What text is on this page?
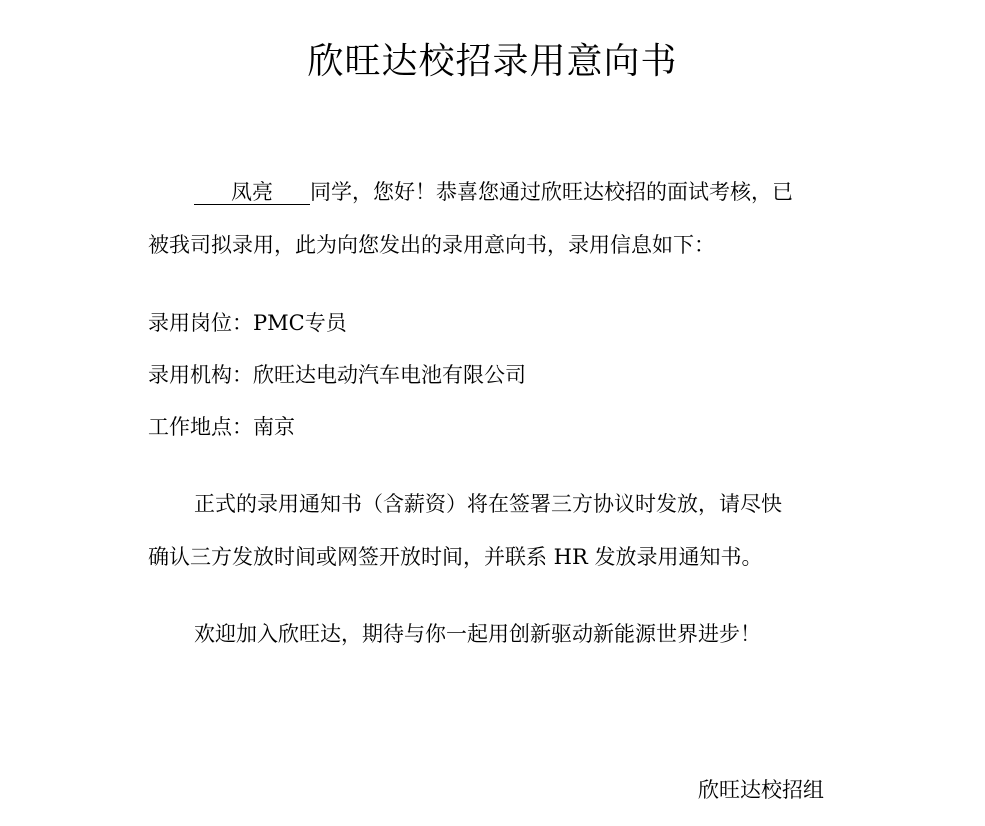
欣旺达校招录用意向书
凤亮 同学，您好！恭喜您通过欣旺达校招的面试考核，已
被我司拟录用，此为向您发出的录用意向书，录用信息如下：
录用岗位：PMC专员
录用机构：欣旺达电动汽车电池有限公司
工作地点：南京
正式的录用通知书（含薪资）将在签署三方协议时发放，请尽快
确认三方发放时间或网签开放时间，并联系 HR 发放录用通知书。
欢迎加入欣旺达，期待与你一起用创新驱动新能源世界进步！
欣旺达校招组
